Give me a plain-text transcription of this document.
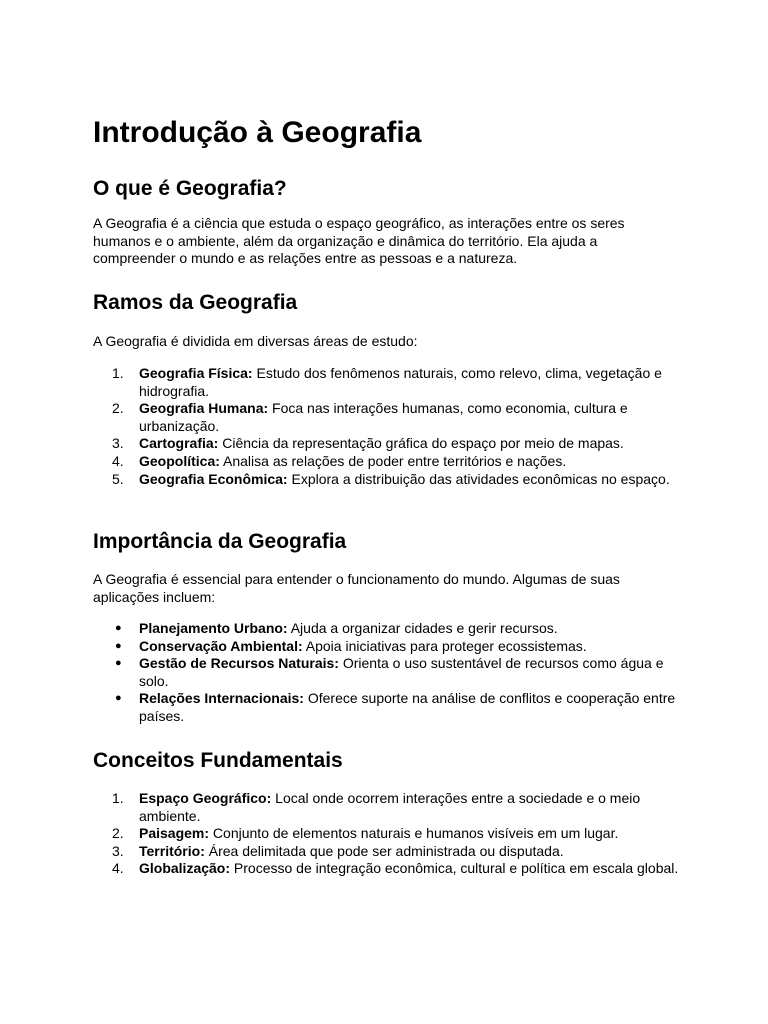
Introdução à Geografia
O que é Geografia?

A Geografia é a ciência que estuda o espaço geográfico, as interações entre os seres humanos e o ambiente, além da organização e dinâmica do território. Ela ajuda a compreender o mundo e as relações entre as pessoas e a natureza.

Ramos da Geografia

A Geografia é dividida em diversas áreas de estudo:

1.	Geografia Física: Estudo dos fenômenos naturais, como relevo, clima, vegetação e hidrografia.
2.	Geografia Humana: Foca nas interações humanas, como economia, cultura e urbanização.
3.	Cartografia: Ciência da representação gráfica do espaço por meio de mapas.
4.	Geopolítica: Analisa as relações de poder entre territórios e nações.
5.	Geografia Econômica: Explora a distribuição das atividades econômicas no espaço.
Importância da Geografia

A Geografia é essencial para entender o funcionamento do mundo. Algumas de suas aplicações incluem:

●	Planejamento Urbano: Ajuda a organizar cidades e gerir recursos.
●	Conservação Ambiental: Apoia iniciativas para proteger ecossistemas.
●	Gestão de Recursos Naturais: Orienta o uso sustentável de recursos como água e solo.
●	Relações Internacionais: Oferece suporte na análise de conflitos e cooperação entre países.
Conceitos Fundamentais
1.	Espaço Geográfico: Local onde ocorrem interações entre a sociedade e o meio ambiente.
2.	Paisagem: Conjunto de elementos naturais e humanos visíveis em um lugar.
3.	Território: Área delimitada que pode ser administrada ou disputada.
4.	Globalização: Processo de integração econômica, cultural e política em escala global.
